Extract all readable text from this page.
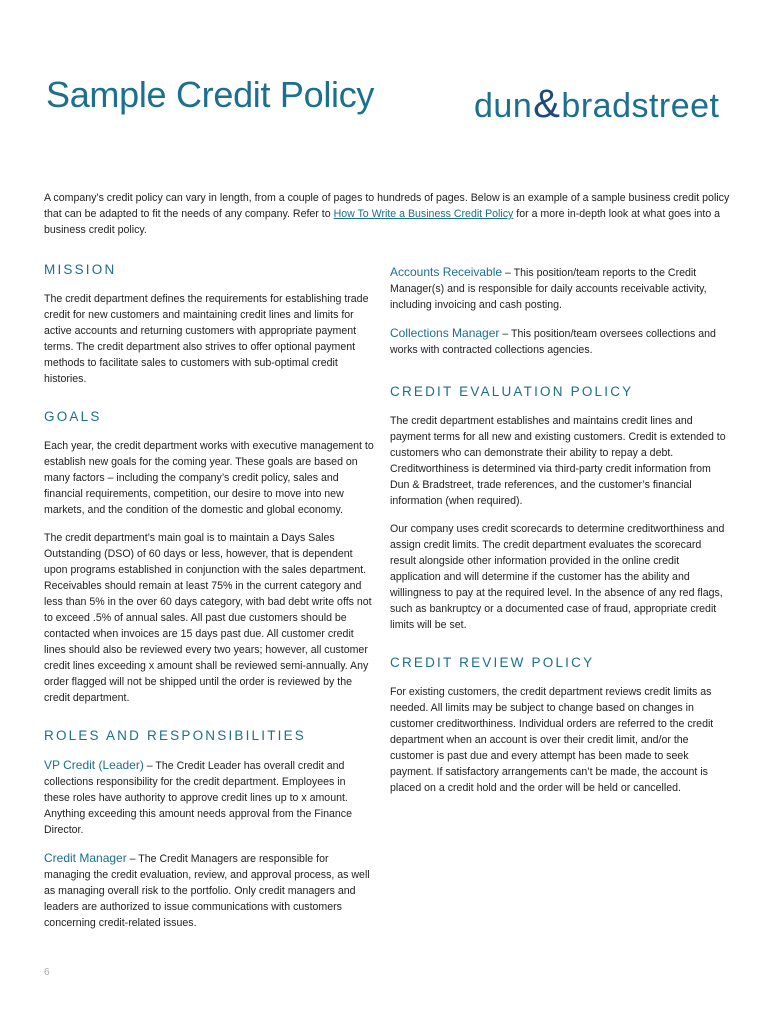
Sample Credit Policy	dun&bradstreet

A company’s credit policy can vary in length, from a couple of pages to hundreds of pages. Below is an example of a sample business credit policy that can be adapted to fit the needs of any company. Refer to How To Write a Business Credit Policy for a more in-depth look at what goes into a business credit policy.

MISSION

The credit department defines the requirements for establishing trade credit for new customers and maintaining credit lines and limits for active accounts and returning customers with appropriate payment terms. The credit department also strives to offer optional payment methods to facilitate sales to customers with sub-optimal credit histories.

GOALS

Each year, the credit department works with executive management to establish new goals for the coming year. These goals are based on many factors – including the company’s credit policy, sales and financial requirements, competition, our desire to move into new markets, and the condition of the domestic and global economy.

The credit department’s main goal is to maintain a Days Sales Outstanding (DSO) of 60 days or less, however, that is dependent upon programs established in conjunction with the sales department. Receivables should remain at least 75% in the current category and less than 5% in the over 60 days category, with bad debt write offs not to exceed .5% of annual sales. All past due customers should be contacted when invoices are 15 days past due. All customer credit lines should also be reviewed every two years; however, all customer credit lines exceeding x amount shall be reviewed semi-annually. Any order flagged will not be shipped until the order is reviewed by the credit department.

ROLES AND RESPONSIBILITIES

VP Credit (Leader) – The Credit Leader has overall credit and collections responsibility for the credit department. Employees in these roles have authority to approve credit lines up to x amount. Anything exceeding this amount needs approval from the Finance Director.

Credit Manager – The Credit Managers are responsible for managing the credit evaluation, review, and approval process, as well as managing overall risk to the portfolio. Only credit managers and leaders are authorized to issue communications with customers concerning credit-related issues.

Accounts Receivable – This position/team reports to the Credit Manager(s) and is responsible for daily accounts receivable activity, including invoicing and cash posting.

Collections Manager – This position/team oversees collections and works with contracted collections agencies.

CREDIT EVALUATION POLICY

The credit department establishes and maintains credit lines and payment terms for all new and existing customers. Credit is extended to customers who can demonstrate their ability to repay a debt. Creditworthiness is determined via third-party credit information from Dun & Bradstreet, trade references, and the customer’s financial information (when required).

Our company uses credit scorecards to determine creditworthiness and assign credit limits. The credit department evaluates the scorecard result alongside other information provided in the online credit application and will determine if the customer has the ability and willingness to pay at the required level. In the absence of any red flags, such as bankruptcy or a documented case of fraud, appropriate credit limits will be set.

CREDIT REVIEW POLICY

For existing customers, the credit department reviews credit limits as needed. All limits may be subject to change based on changes in customer creditworthiness. Individual orders are referred to the credit department when an account is over their credit limit, and/or the customer is past due and every attempt has been made to seek payment. If satisfactory arrangements can’t be made, the account is placed on a credit hold and the order will be held or cancelled.

6
